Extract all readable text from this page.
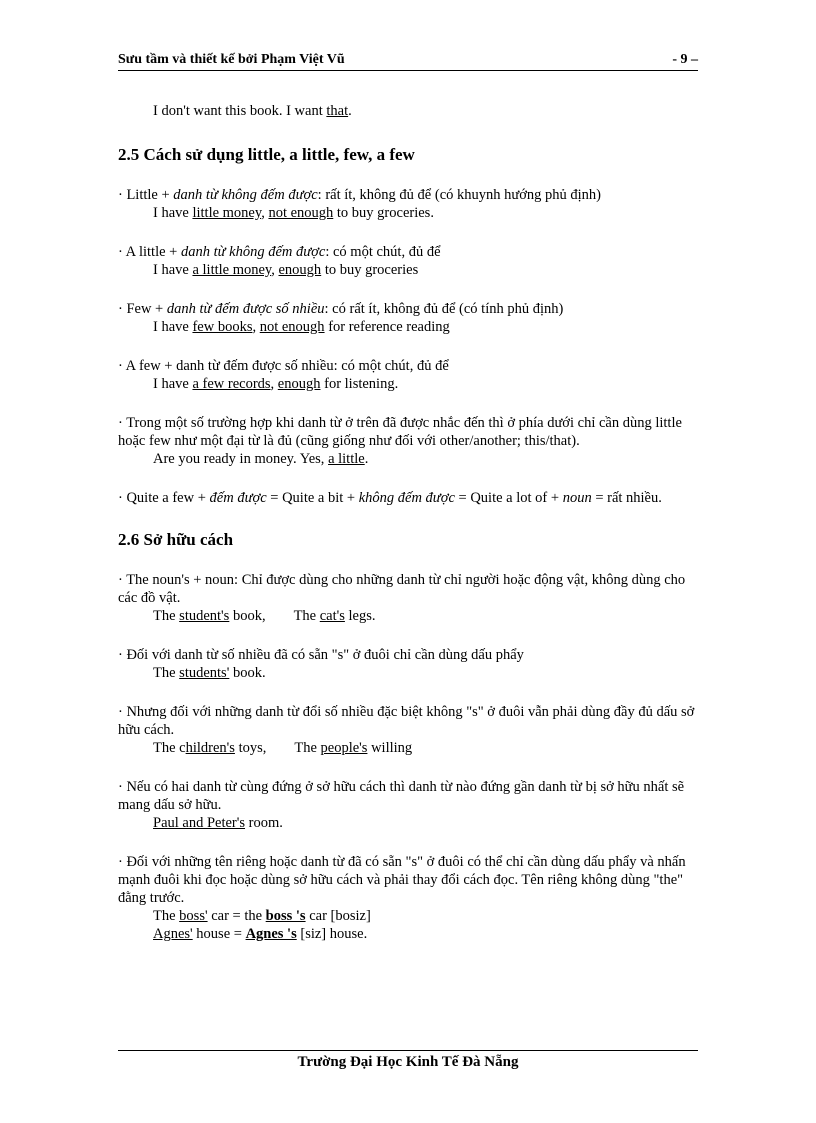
Sưu tầm và thiết kế bởi Phạm Việt Vũ	- 9 –

I don't want this book. I want that.

2.5 Cách sử dụng little, a little, few, a few

· Little + danh từ không đếm được: rất ít, không đủ để (có khuynh hướng phủ định)
I have little money, not enough to buy groceries.

· A little + danh từ không đếm được: có một chút, đủ để
I have a little money, enough to buy groceries

· Few + danh từ đếm được số nhiều: có rất ít, không đủ để (có tính phủ định)
I have few books, not enough for reference reading

· A few + danh từ đếm được số nhiều: có một chút, đủ để
I have a few records, enough for listening.

· Trong một số trường hợp khi danh từ ở trên đã được nhắc đến thì ở phía dưới chỉ cần dùng little hoặc few như một đại từ là đủ (cũng giống như đối với other/another; this/that).
Are you ready in money. Yes, a little.

· Quite a few + đếm được = Quite a bit + không đếm được = Quite a lot of + noun = rất nhiều.

2.6 Sở hữu cách

· The noun's + noun: Chỉ được dùng cho những danh từ chỉ người hoặc động vật, không dùng cho các đồ vật.
The student's book, The cat's legs.

· Đối với danh từ số nhiều đã có sẵn "s" ở đuôi chỉ cần dùng dấu phẩy
The students' book.

· Nhưng đối với những danh từ đổi số nhiều đặc biệt không "s" ở đuôi vẫn phải dùng đầy đủ dấu sở hữu cách.
The children's toys, The people's willing

· Nếu có hai danh từ cùng đứng ở sở hữu cách thì danh từ nào đứng gần danh từ bị sở hữu nhất sẽ mang dấu sở hữu.
Paul and Peter's room.

· Đối với những tên riêng hoặc danh từ đã có sẵn "s" ở đuôi có thể chỉ cần dùng dấu phẩy và nhấn mạnh đuôi khi đọc hoặc dùng sở hữu cách và phải thay đổi cách đọc. Tên riêng không dùng "the" đằng trước.
The boss' car = the boss 's car [bosiz]
Agnes' house = Agnes 's [siz] house.

Trường Đại Học Kinh Tế Đà Nẵng
